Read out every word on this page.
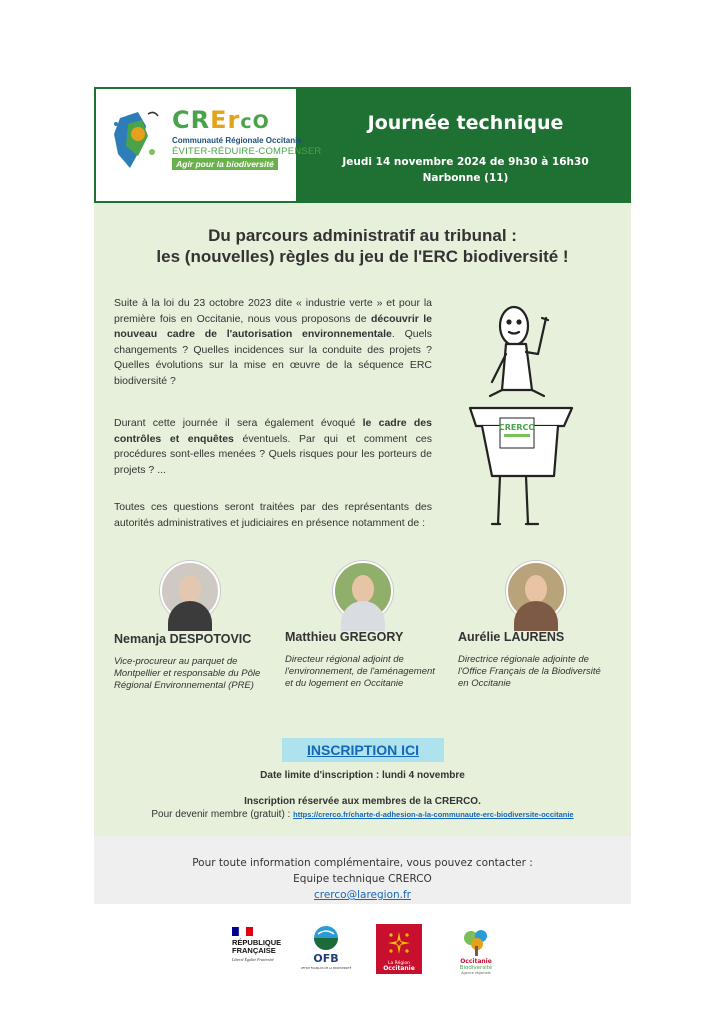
CRErcO
Communauté Régionale Occitanie
ÉVITER-RÉDUIRE-COMPENSER
Agir pour la biodiversité
Journée technique
Jeudi 14 novembre 2024 de 9h30 à 16h30
Narbonne (11)
Du parcours administratif au tribunal :
les (nouvelles) règles du jeu de l'ERC biodiversité !
Suite à la loi du 23 octobre 2023 dite « industrie verte » et pour la première fois en Occitanie, nous vous proposons de découvrir le nouveau cadre de l'autorisation environnementale. Quels changements ? Quelles incidences sur la conduite des projets ? Quelles évolutions sur la mise en œuvre de la séquence ERC biodiversité ?
Durant cette journée il sera également évoqué le cadre des contrôles et enquêtes éventuels. Par qui et comment ces procédures sont-elles menées ? Quels risques pour les porteurs de projets ? ...
Toutes ces questions seront traitées par des représentants des autorités administratives et judiciaires en présence notamment de :
CRERCO
Nemanja DESPOTOVIC	Matthieu GREGORY	Aurélie LAURENS
Vice-procureur au parquet de Montpellier et responsable du Pôle Régional Environnemental (PRE)
Directeur régional adjoint de l'environnement, de l'aménagement et du logement en Occitanie
Directrice régionale adjointe de l'Office Français de la Biodiversité en Occitanie
INSCRIPTION ICI
Date limite d'inscription : lundi 4 novembre
Inscription réservée aux membres de la CRERCO.
Pour devenir membre (gratuit) : https://crerco.fr/charte-d-adhesion-a-la-communaute-erc-biodiversite-occitanie
Pour toute information complémentaire, vous pouvez contacter :
Equipe technique CRERCO
crerco@laregion.fr
RÉPUBLIQUE
FRANÇAISE
Liberté Égalité Fraternité	OFB
OFFICE FRANÇAIS DE LA BIODIVERSITÉ
La Région
Occitanie
Occitanie
Biodiversité
Agence régionale
